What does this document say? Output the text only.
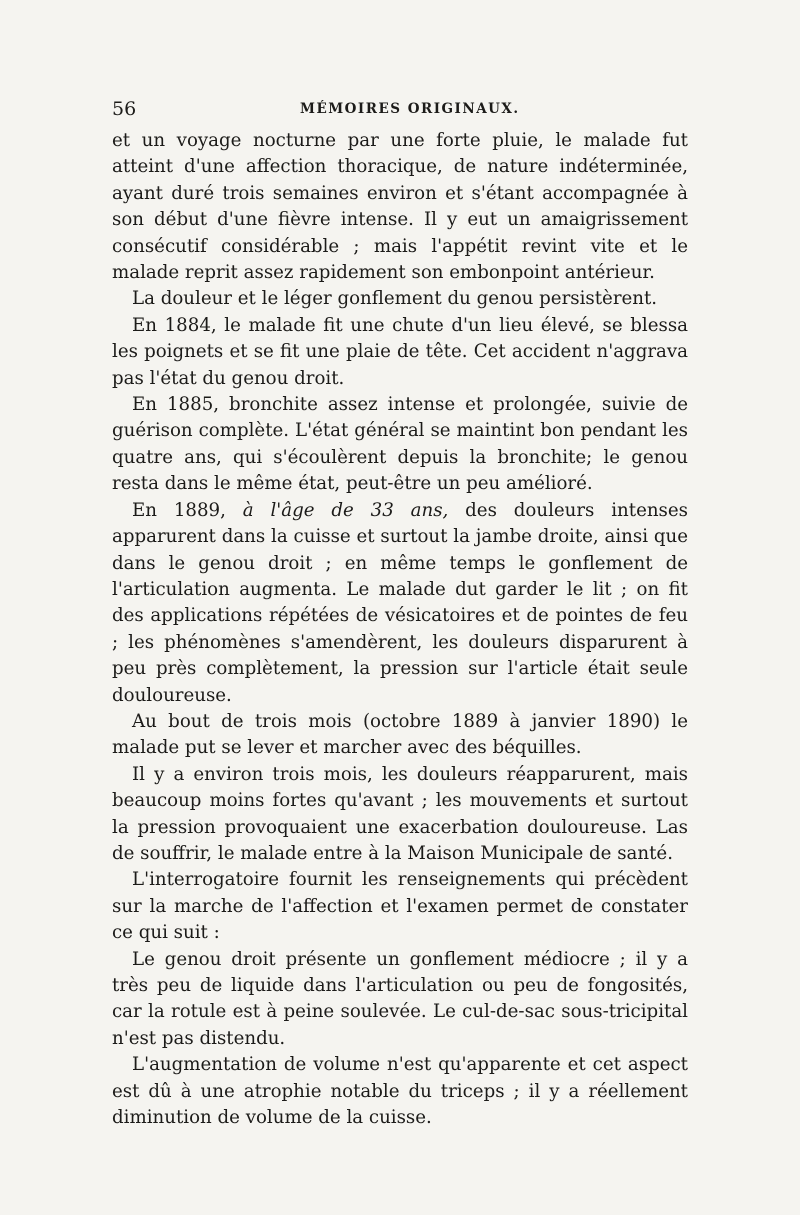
56	MÉMOIRES ORIGINAUX.

et un voyage nocturne par une forte pluie, le malade fut atteint d'une affection thoracique, de nature indéterminée, ayant duré trois semaines environ et s'étant accompagnée à son début d'une fièvre intense. Il y eut un amaigrissement consécutif considérable ; mais l'appétit revint vite et le malade reprit assez rapidement son embonpoint antérieur.

La douleur et le léger gonflement du genou persistèrent.

En 1884, le malade fit une chute d'un lieu élevé, se blessa les poignets et se fit une plaie de tête. Cet accident n'aggrava pas l'état du genou droit.

En 1885, bronchite assez intense et prolongée, suivie de guérison complète. L'état général se maintint bon pendant les quatre ans, qui s'écoulèrent depuis la bronchite; le genou resta dans le même état, peut-être un peu amélioré.

En 1889, à l'âge de 33 ans, des douleurs intenses apparurent dans la cuisse et surtout la jambe droite, ainsi que dans le genou droit ; en même temps le gonflement de l'articulation augmenta. Le malade dut garder le lit ; on fit des applications répétées de vésicatoires et de pointes de feu ; les phénomènes s'amendèrent, les douleurs disparurent à peu près complètement, la pression sur l'article était seule douloureuse.

Au bout de trois mois (octobre 1889 à janvier 1890) le malade put se lever et marcher avec des béquilles.

Il y a environ trois mois, les douleurs réapparurent, mais beaucoup moins fortes qu'avant ; les mouvements et surtout la pression provoquaient une exacerbation douloureuse. Las de souffrir, le malade entre à la Maison Municipale de santé.

L'interrogatoire fournit les renseignements qui précèdent sur la marche de l'affection et l'examen permet de constater ce qui suit :

Le genou droit présente un gonflement médiocre ; il y a très peu de liquide dans l'articulation ou peu de fongosités, car la rotule est à peine soulevée. Le cul-de-sac sous-tricipital n'est pas distendu.

L'augmentation de volume n'est qu'apparente et cet aspect est dû à une atrophie notable du triceps ; il y a réellement diminution de volume de la cuisse.
